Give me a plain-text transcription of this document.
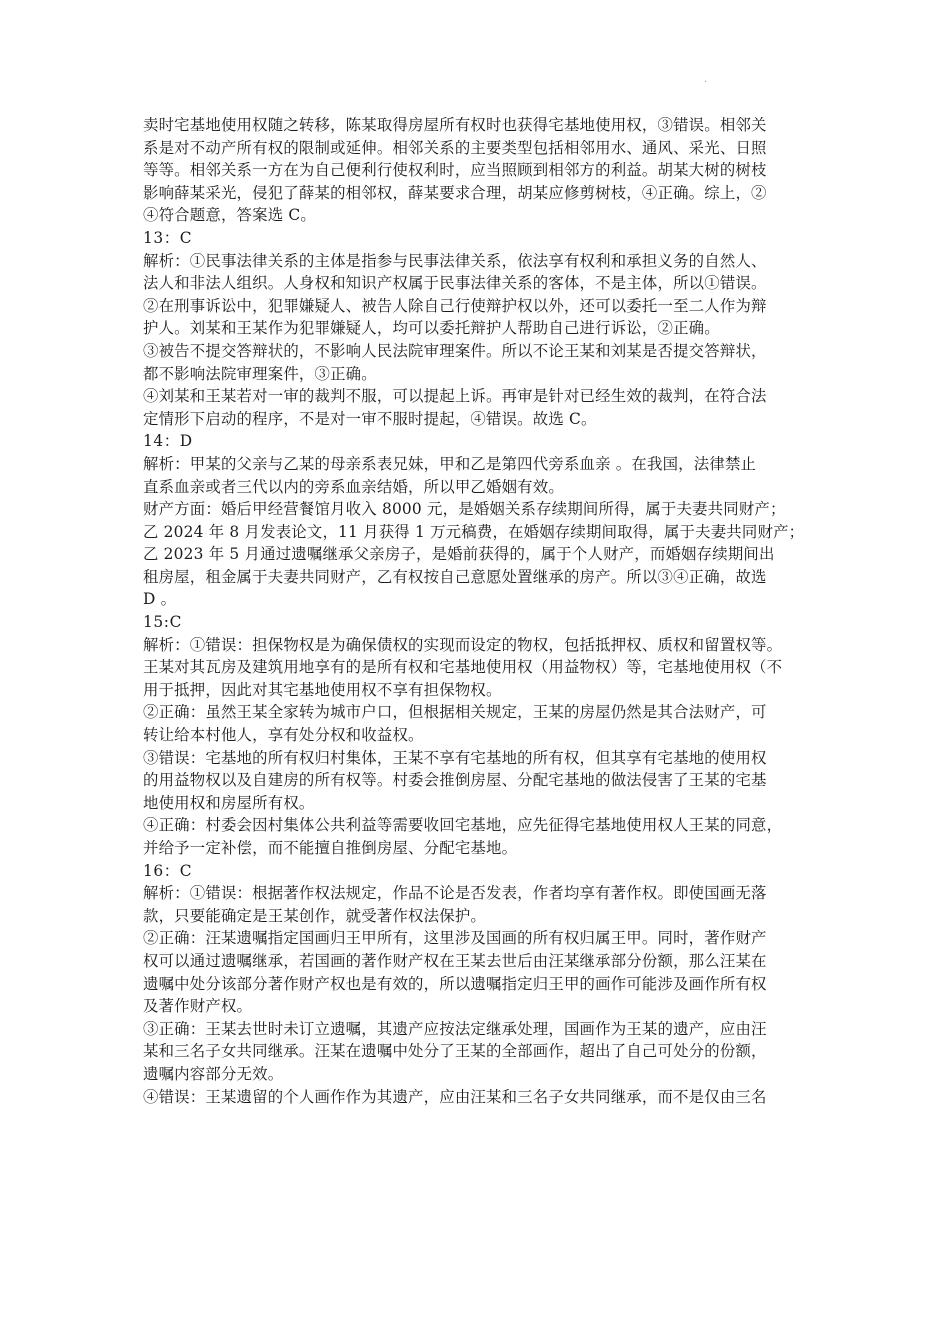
.
卖时宅基地使用权随之转移，陈某取得房屋所有权时也获得宅基地使用权，③错误。相邻关
系是对不动产所有权的限制或延伸。相邻关系的主要类型包括相邻用水、通风、采光、日照
等等。相邻关系一方在为自己便利行使权利时，应当照顾到相邻方的利益。胡某大树的树枝
影响薛某采光，侵犯了薛某的相邻权，薛某要求合理，胡某应修剪树枝，④正确。综上，②
④符合题意，答案选 C。
13：C
解析：①民事法律关系的主体是指参与民事法律关系，依法享有权利和承担义务的自然人、
法人和非法人组织。人身权和知识产权属于民事法律关系的客体，不是主体，所以①错误。
②在刑事诉讼中，犯罪嫌疑人、被告人除自己行使辩护权以外，还可以委托一至二人作为辩
护人。刘某和王某作为犯罪嫌疑人，均可以委托辩护人帮助自己进行诉讼，②正确。
③被告不提交答辩状的，不影响人民法院审理案件。所以不论王某和刘某是否提交答辩状，
都不影响法院审理案件，③正确。
④刘某和王某若对一审的裁判不服，可以提起上诉。再审是针对已经生效的裁判，在符合法
定情形下启动的程序，不是对一审不服时提起，④错误。故选 C。
14：D
解析：甲某的父亲与乙某的母亲系表兄妹，甲和乙是第四代旁系血亲 。在我国，法律禁止
直系血亲或者三代以内的旁系血亲结婚，所以甲乙婚姻有效。
财产方面：婚后甲经营餐馆月收入 8000 元，是婚姻关系存续期间所得，属于夫妻共同财产；
乙 2024 年 8 月发表论文，11 月获得 1 万元稿费，在婚姻存续期间取得，属于夫妻共同财产；
乙 2023 年 5 月通过遗嘱继承父亲房子，是婚前获得的，属于个人财产，而婚姻存续期间出
租房屋，租金属于夫妻共同财产，乙有权按自己意愿处置继承的房产。所以③④正确，故选
D 。
15:C
解析：①错误：担保物权是为确保债权的实现而设定的物权，包括抵押权、质权和留置权等。
王某对其瓦房及建筑用地享有的是所有权和宅基地使用权（用益物权）等，宅基地使用权（不
用于抵押，因此对其宅基地使用权不享有担保物权。
②正确：虽然王某全家转为城市户口，但根据相关规定，王某的房屋仍然是其合法财产，可
转让给本村他人，享有处分权和收益权。
③错误：宅基地的所有权归村集体，王某不享有宅基地的所有权，但其享有宅基地的使用权
的用益物权以及自建房的所有权等。村委会推倒房屋、分配宅基地的做法侵害了王某的宅基
地使用权和房屋所有权。
④正确：村委会因村集体公共利益等需要收回宅基地，应先征得宅基地使用权人王某的同意，
并给予一定补偿，而不能擅自推倒房屋、分配宅基地。
16：C
解析：①错误：根据著作权法规定，作品不论是否发表，作者均享有著作权。即使国画无落
款，只要能确定是王某创作，就受著作权法保护。
②正确：汪某遗嘱指定国画归王甲所有，这里涉及国画的所有权归属王甲。同时，著作财产
权可以通过遗嘱继承，若国画的著作财产权在王某去世后由汪某继承部分份额，那么汪某在
遗嘱中处分该部分著作财产权也是有效的，所以遗嘱指定归王甲的画作可能涉及画作所有权
及著作财产权。
③正确：王某去世时未订立遗嘱，其遗产应按法定继承处理，国画作为王某的遗产，应由汪
某和三名子女共同继承。汪某在遗嘱中处分了王某的全部画作，超出了自己可处分的份额，
遗嘱内容部分无效。
④错误：王某遗留的个人画作作为其遗产，应由汪某和三名子女共同继承，而不是仅由三名
